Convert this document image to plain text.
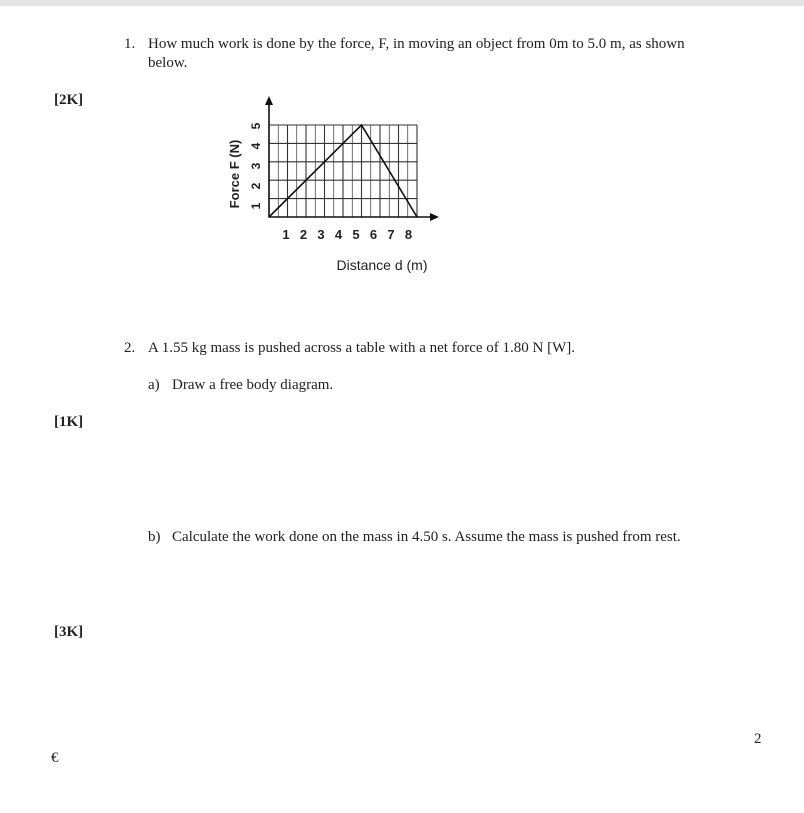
1. How much work is done by the force, F, in moving an object from 0m to 5.0 m, as shown
below.
[2K]
1 2 3 4 5 6 7 8
1
2
3
4
5
Distance d (m)
Force F (N)
2. A 1.55 kg mass is pushed across a table with a net force of 1.80 N [W].
a) Draw a free body diagram.
[1K]
b) Calculate the work done on the mass in 4.50 s. Assume the mass is pushed from rest.
[3K]
2
€
